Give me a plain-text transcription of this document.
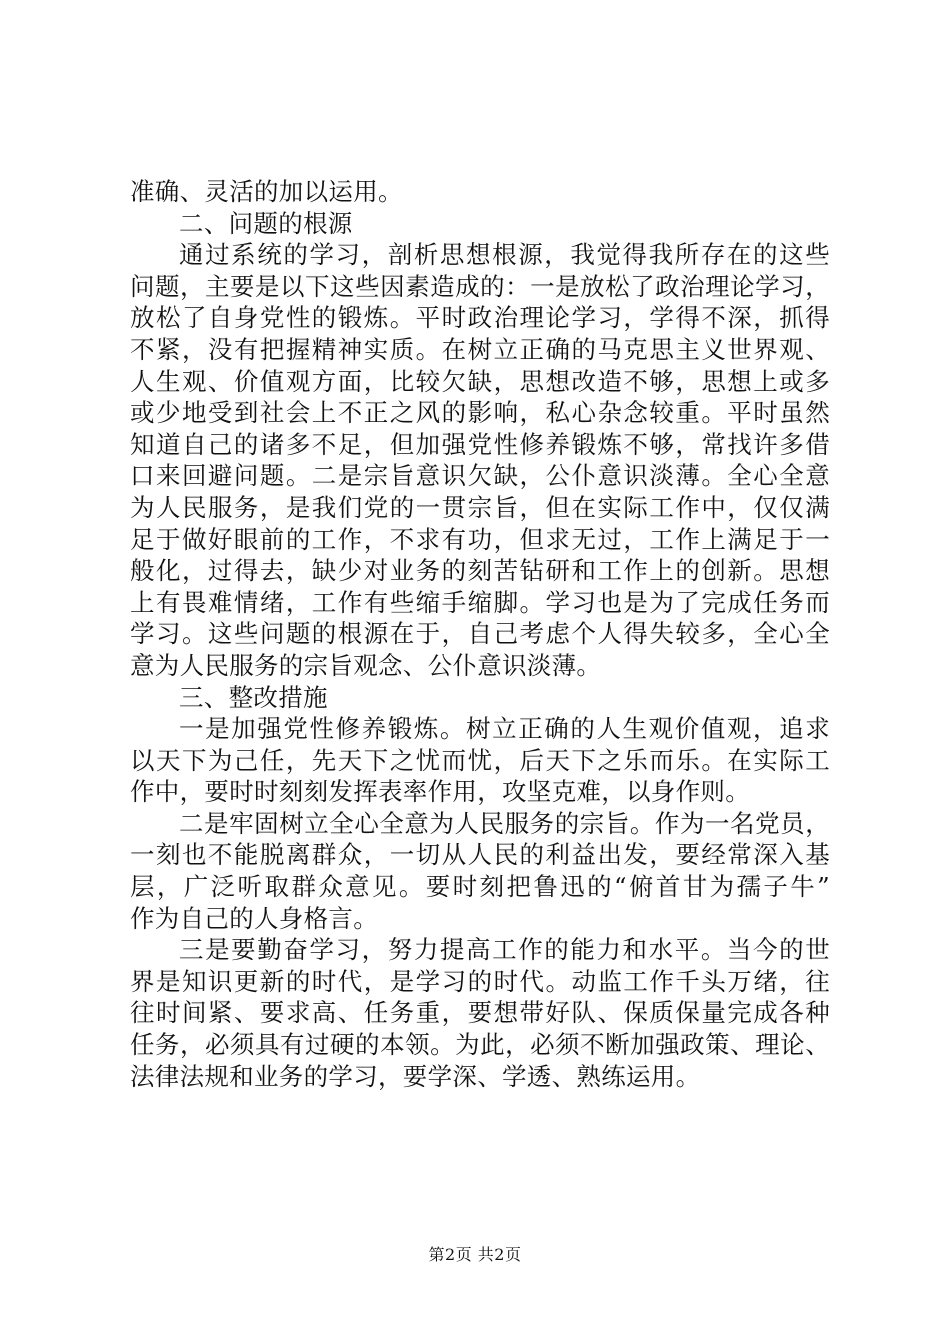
准确、灵活的加以运用。
二、问题的根源
通过系统的学习，剖析思想根源，我觉得我所存在的这些
问题，主要是以下这些因素造成的：一是放松了政治理论学习，
放松了自身党性的锻炼。平时政治理论学习，学得不深，抓得
不紧，没有把握精神实质。在树立正确的马克思主义世界观、
人生观、价值观方面，比较欠缺，思想改造不够，思想上或多
或少地受到社会上不正之风的影响，私心杂念较重。平时虽然
知道自己的诸多不足，但加强党性修养锻炼不够，常找许多借
口来回避问题。二是宗旨意识欠缺，公仆意识淡薄。全心全意
为人民服务，是我们党的一贯宗旨，但在实际工作中，仅仅满
足于做好眼前的工作，不求有功，但求无过，工作上满足于一
般化，过得去，缺少对业务的刻苦钻研和工作上的创新。思想
上有畏难情绪，工作有些缩手缩脚。学习也是为了完成任务而
学习。这些问题的根源在于，自己考虑个人得失较多，全心全
意为人民服务的宗旨观念、公仆意识淡薄。
三、整改措施
一是加强党性修养锻炼。树立正确的人生观价值观，追求
以天下为己任，先天下之忧而忧，后天下之乐而乐。在实际工
作中，要时时刻刻发挥表率作用，攻坚克难，以身作则。
二是牢固树立全心全意为人民服务的宗旨。作为一名党员，
一刻也不能脱离群众，一切从人民的利益出发，要经常深入基
层，广泛听取群众意见。要时刻把鲁迅的“俯首甘为孺子牛”
作为自己的人身格言。
三是要勤奋学习，努力提高工作的能力和水平。当今的世
界是知识更新的时代，是学习的时代。动监工作千头万绪，往
往时间紧、要求高、任务重，要想带好队、保质保量完成各种
任务，必须具有过硬的本领。为此，必须不断加强政策、理论、
法律法规和业务的学习，要学深、学透、熟练运用。
第2页 共2页
